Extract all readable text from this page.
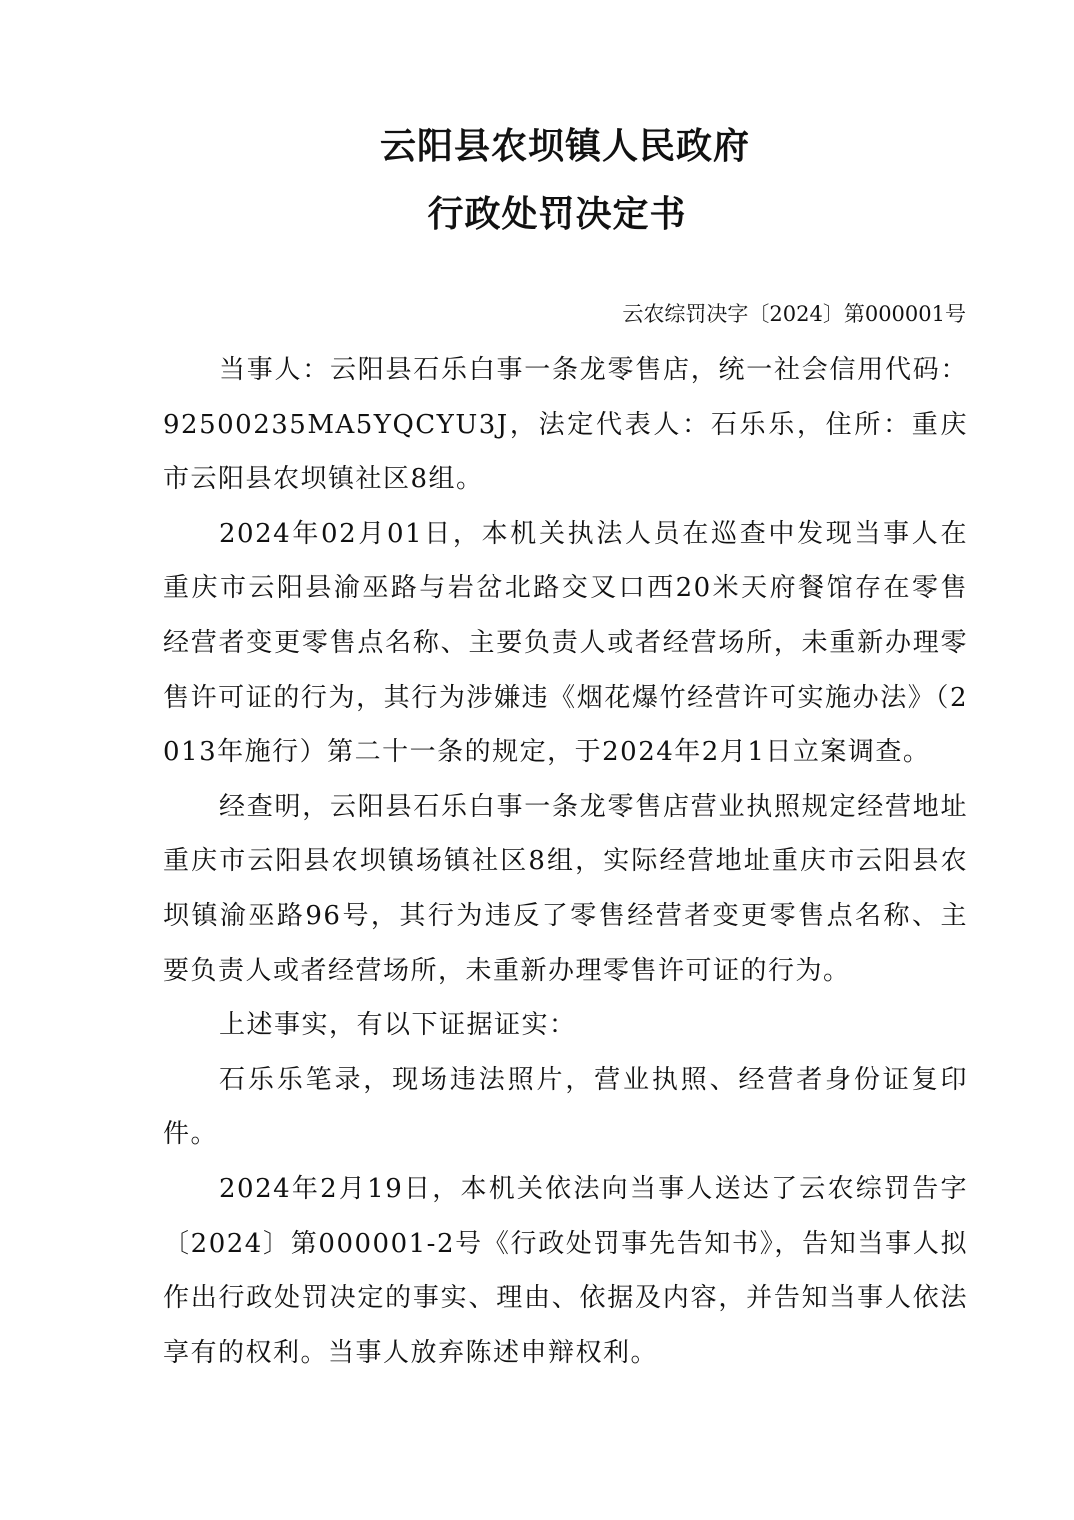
云阳县农坝镇人民政府
行政处罚决定书
云农综罚决字〔2024〕第000001号

当事人：云阳县石乐白事一条龙零售店，统一社会信用代码：92500235MA5YQCYU3J，法定代表人：石乐乐，住所：重庆市云阳县农坝镇社区8组。

2024年02月01日，本机关执法人员在巡查中发现当事人在重庆市云阳县渝巫路与岩岔北路交叉口西20米天府餐馆存在零售经营者变更零售点名称、主要负责人或者经营场所，未重新办理零售许可证的行为，其行为涉嫌违《烟花爆竹经营许可实施办法》（2013年施行）第二十一条的规定，于2024年2月1日立案调查。

经查明，云阳县石乐白事一条龙零售店营业执照规定经营地址重庆市云阳县农坝镇场镇社区8组，实际经营地址重庆市云阳县农坝镇渝巫路96号，其行为违反了零售经营者变更零售点名称、主要负责人或者经营场所，未重新办理零售许可证的行为。

上述事实，有以下证据证实：

石乐乐笔录，现场违法照片，营业执照、经营者身份证复印件。

2024年2月19日，本机关依法向当事人送达了云农综罚告字〔2024〕第000001-2号《行政处罚事先告知书》，告知当事人拟作出行政处罚决定的事实、理由、依据及内容，并告知当事人依法享有的权利。当事人放弃陈述申辩权利。
